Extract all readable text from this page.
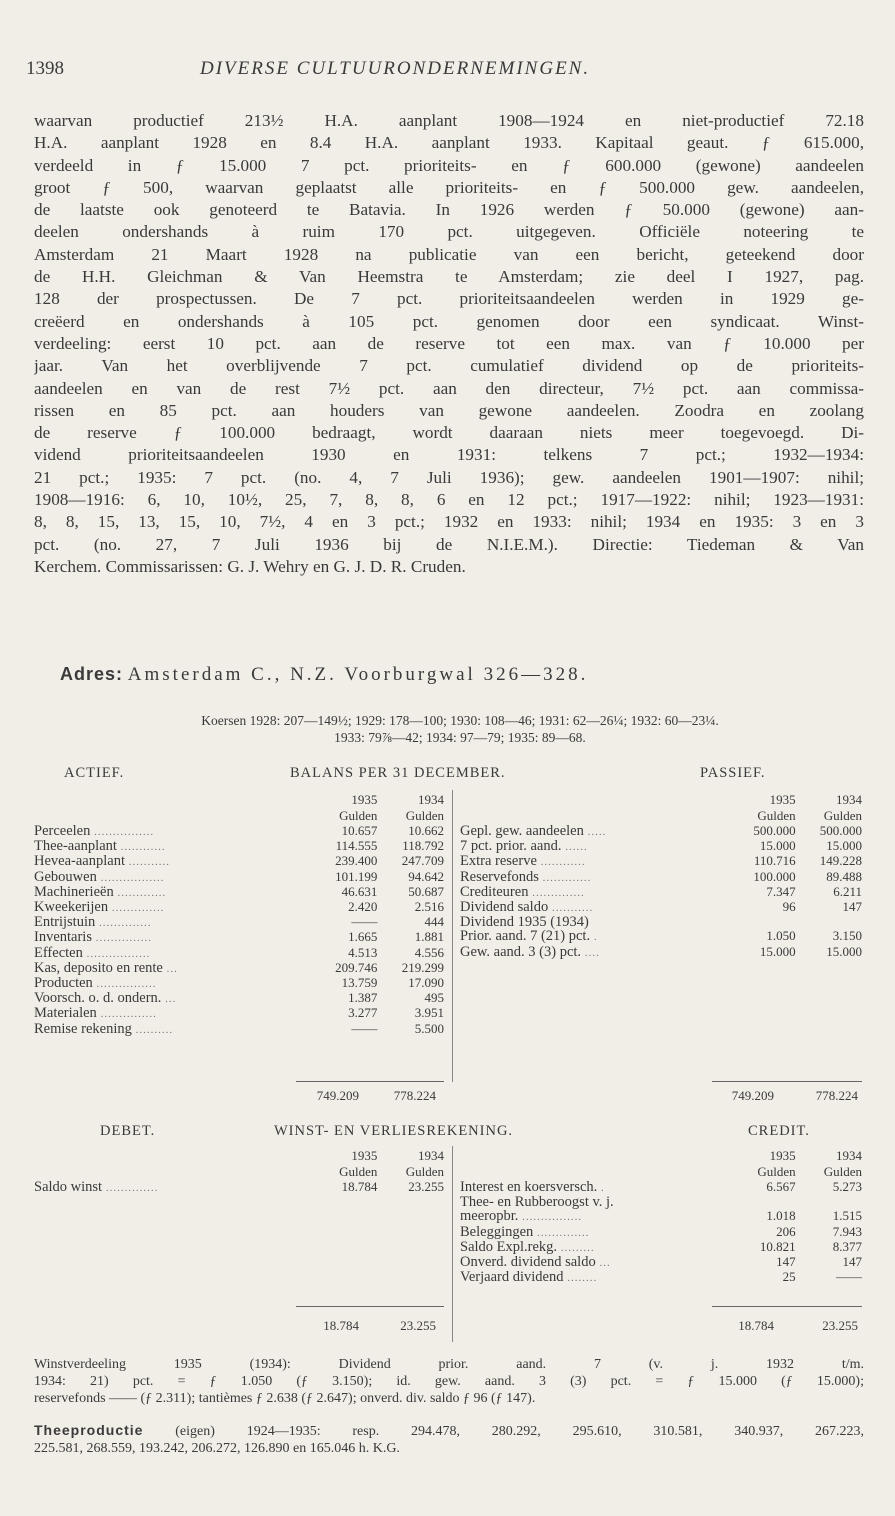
1398	DIVERSE CULTUURONDERNEMINGEN.
waarvan productief 213½ H.A. aanplant 1908—1924 en niet-productief 72.18
H.A. aanplant 1928 en 8.4 H.A. aanplant 1933. Kapitaal geaut. ƒ 615.000,
verdeeld in ƒ 15.000 7 pct. prioriteits- en ƒ 600.000 (gewone) aandeelen
groot ƒ 500, waarvan geplaatst alle prioriteits- en ƒ 500.000 gew. aandeelen,
de laatste ook genoteerd te Batavia. In 1926 werden ƒ 50.000 (gewone) aan-
deelen ondershands à ruim 170 pct. uitgegeven. Officiële noteering te
Amsterdam 21 Maart 1928 na publicatie van een bericht, geteekend door
de H.H. Gleichman & Van Heemstra te Amsterdam; zie deel I 1927, pag.
128 der prospectussen. De 7 pct. prioriteitsaandeelen werden in 1929 ge-
creëerd en ondershands à 105 pct. genomen door een syndicaat. Winst-
verdeeling: eerst 10 pct. aan de reserve tot een max. van ƒ 10.000 per
jaar. Van het overblijvende 7 pct. cumulatief dividend op de prioriteits-
aandeelen en van de rest 7½ pct. aan den directeur, 7½ pct. aan commissa-
rissen en 85 pct. aan houders van gewone aandeelen. Zoodra en zoolang
de reserve ƒ 100.000 bedraagt, wordt daaraan niets meer toegevoegd. Di-
vidend prioriteitsaandeelen 1930 en 1931: telkens 7 pct.; 1932—1934:
21 pct.; 1935: 7 pct. (no. 4, 7 Juli 1936); gew. aandeelen 1901—1907: nihil;
1908—1916: 6, 10, 10½, 25, 7, 8, 8, 6 en 12 pct.; 1917—1922: nihil; 1923—1931:
8, 8, 15, 13, 15, 10, 7½, 4 en 3 pct.; 1932 en 1933: nihil; 1934 en 1935: 3 en 3
pct. (no. 27, 7 Juli 1936 bij de N.I.E.M.). Directie: Tiedeman & Van
Kerchem. Commissarissen: G. J. Wehry en G. J. D. R. Cruden.
Adres: Amsterdam C., N.Z. Voorburgwal 326—328.
Koersen 1928: 207—149½; 1929: 178—100; 1930: 108—46; 1931: 62—26¼; 1932: 60—23¼.
1933: 79⅞—42; 1934: 97—79; 1935: 89—68.
ACTIEF.	BALANS PER 31 DECEMBER.	PASSIEF.
	1935	1934
	Gulden	Gulden
Perceelen ................	10.657	10.662
Thee-aanplant ............	114.555	118.792
Hevea-aanplant ...........	239.400	247.709
Gebouwen .................	101.199	94.642
Machinerieën .............	46.631	50.687
Kweekerijen ..............	2.420	2.516
Entrijstuin ..............	——	444
Inventaris ...............	1.665	1.881
Effecten .................	4.513	4.556
Kas, deposito en rente ...	209.746	219.299
Producten ................	13.759	17.090
Voorsch. o. d. ondern. ...	1.387	495
Materialen ...............	3.277	3.951
Remise rekening ..........	——	5.500
	1935	1934
	Gulden	Gulden
Gepl. gew. aandeelen .....	500.000	500.000
7 pct. prior. aand. ......	15.000	15.000
Extra reserve ............	110.716	149.228
Reservefonds .............	100.000	89.488
Crediteuren ..............	7.347	6.211
Dividend saldo ...........	96	147
Dividend 1935 (1934)		
Prior. aand. 7 (21) pct. .	1.050	3.150
Gew. aand. 3 (3) pct. ....	15.000	15.000
749.209	778.224	749.209	778.224
DEBET.	WINST- EN VERLIESREKENING.	CREDIT.
	1935	1934
	Gulden	Gulden
Saldo winst ..............	18.784	23.255
	1935	1934
	Gulden	Gulden
Interest en koersversch. .	6.567	5.273
Thee- en Rubberoogst v. j.		
meeropbr. ................	1.018	1.515
Beleggingen ..............	206	7.943
Saldo Expl.rekg. .........	10.821	8.377
Onverd. dividend saldo ...	147	147
Verjaard dividend ........	25	——
18.784	23.255	18.784	23.255
Winstverdeeling 1935 (1934): Dividend prior. aand. 7 (v. j. 1932 t/m.
1934: 21) pct. = ƒ 1.050 (ƒ 3.150); id. gew. aand. 3 (3) pct. = ƒ 15.000 (ƒ 15.000);
reservefonds —— (ƒ 2.311); tantièmes ƒ 2.638 (ƒ 2.647); onverd. div. saldo ƒ 96 (ƒ 147).
Theeproductie (eigen) 1924—1935: resp. 294.478, 280.292, 295.610, 310.581, 340.937, 267.223,
225.581, 268.559, 193.242, 206.272, 126.890 en 165.046 h. K.G.
